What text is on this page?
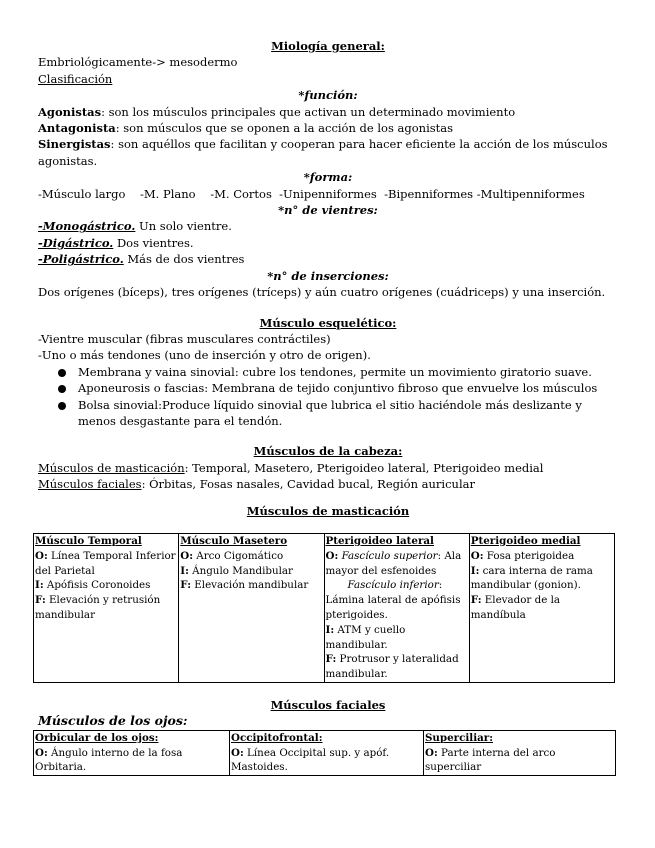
Miología general:
Embriológicamente-> mesodermo
Clasificación
*función:
Agonistas: son los músculos principales que activan un determinado movimiento
Antagonista: son músculos que se oponen a la acción de los agonistas
Sinergistas: son aquéllos que facilitan y cooperan para hacer eficiente la acción de los músculos agonistas.
*forma:
-Músculo largo
-M. Plano
-M. Cortos
-Unipenniformes
-Bipenniformes
-Multipenniformes
*n° de vientres:
-Monogástrico. Un solo vientre.
-Digástrico. Dos vientres.
-Poligástrico. Más de dos vientres
*n° de inserciones:
Dos orígenes (bíceps), tres orígenes (tríceps) y aún cuatro orígenes (cuádriceps) y una inserción.
Músculo esquelético:
-Vientre muscular (fibras musculares contráctiles)
-Uno o más tendones (uno de inserción y otro de origen).
Membrana y vaina sinovial: cubre los tendones, permite un movimiento giratorio suave.
Aponeurosis o fascias: Membrana de tejido conjuntivo fibroso que envuelve los músculos
Bolsa sinovial:Produce líquido sinovial que lubrica el sitio haciéndole más deslizante y menos desgastante para el tendón.
Músculos de la cabeza:
Músculos de masticación: Temporal, Masetero, Pterigoideo lateral, Pterigoideo medial
Músculos faciales: Órbitas, Fosas nasales, Cavidad bucal, Región auricular
Músculos de masticación
Músculo Temporal
O: Línea Temporal Inferior del Parietal
I: Apófisis Coronoides
F: Elevación y retrusión mandibular

Músculo Masetero
O: Arco Cigomático
I: Ángulo Mandibular
F: Elevación mandibular

Pterigoideo lateral
O: Fascículo superior: Ala mayor del esfenoides
Fascículo inferior: Lámina lateral de apófisis pterigoides.
I: ATM y cuello mandibular.
F: Protrusor y lateralidad mandibular.

Pterigoideo medial
O: Fosa pterigoidea
I: cara interna de rama mandibular (gonion).
F: Elevador de la mandíbula
Músculos faciales
Músculos de los ojos:
Orbicular de los ojos:
O: Ángulo interno de la fosa Orbitaria.

Occipitofrontal:
O: Línea Occipital sup. y apóf. Mastoides.

Superciliar:
O: Parte interna del arco superciliar
